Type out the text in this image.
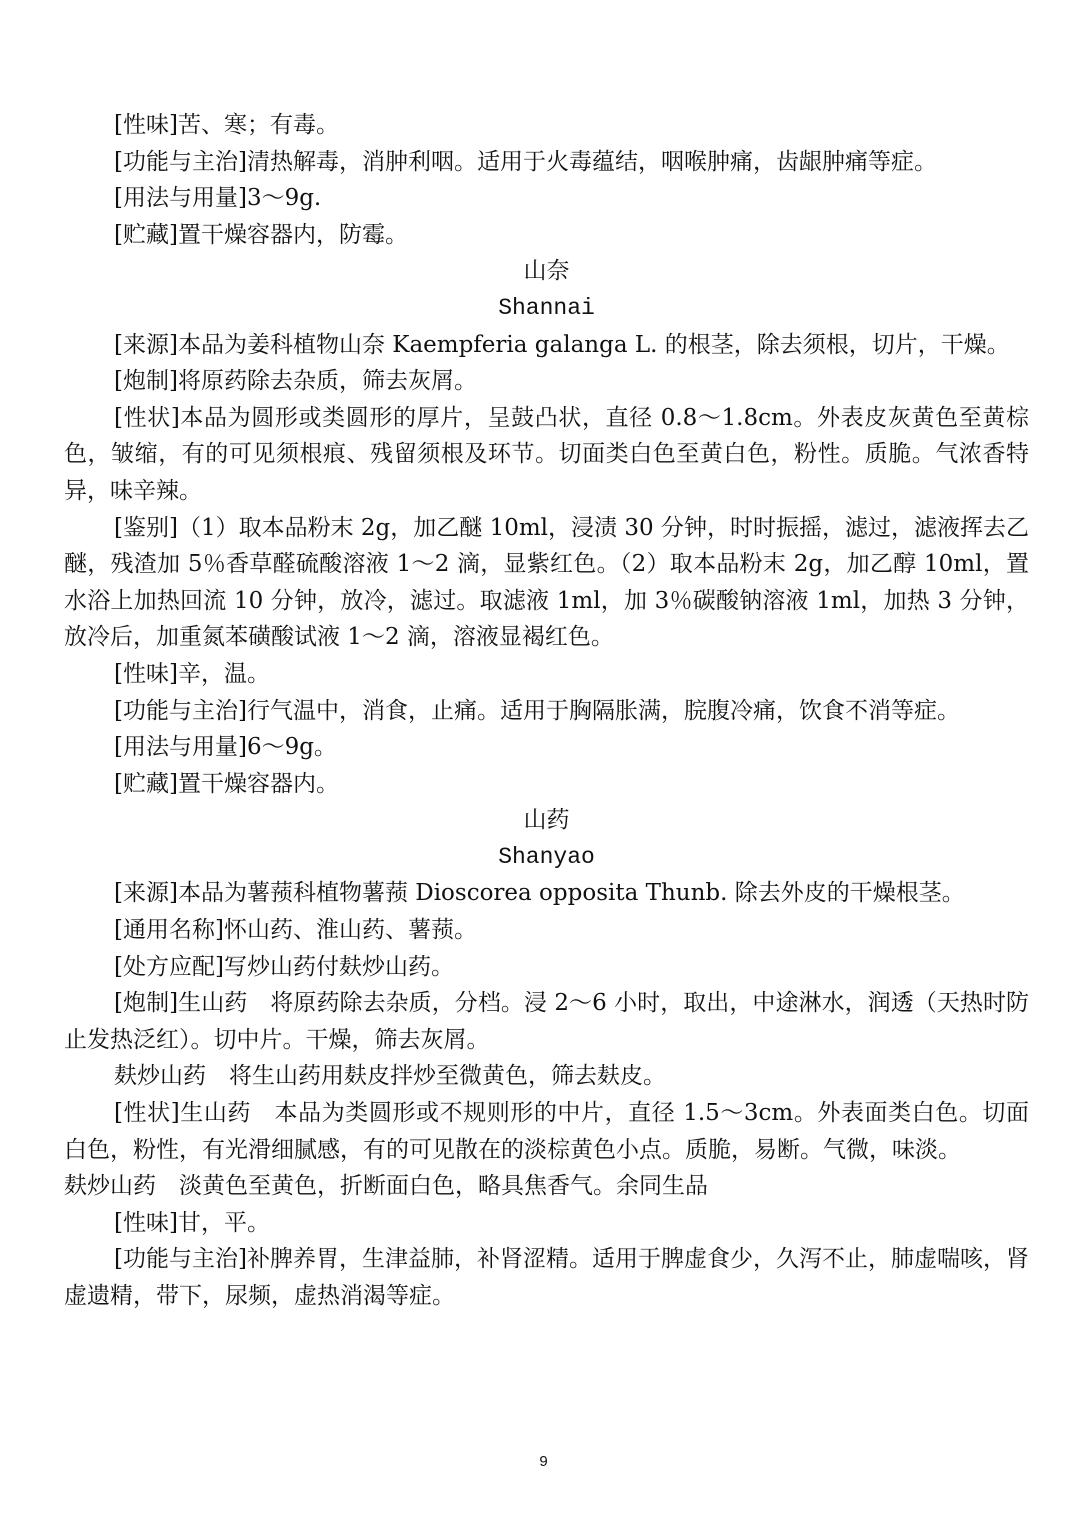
[性味]苦、寒；有毒。

[功能与主治]清热解毒，消肿利咽。适用于火毒蕴结，咽喉肿痛，齿龈肿痛等症。

[用法与用量]3～9g.

[贮藏]置干燥容器内，防霉。

山奈

Shannai

[来源]本品为姜科植物山奈 Kaempferia galanga L. 的根茎，除去须根，切片，干燥。

[炮制]将原药除去杂质，筛去灰屑。

[性状]本品为圆形或类圆形的厚片，呈鼓凸状，直径 0.8～1.8cm。外表皮灰黄色至黄棕色，皱缩，有的可见须根痕、残留须根及环节。切面类白色至黄白色，粉性。质脆。气浓香特异，味辛辣。

[鉴别]（1）取本品粉末 2g，加乙醚 10ml，浸渍 30 分钟，时时振摇，滤过，滤液挥去乙醚，残渣加 5％香草醛硫酸溶液 1～2 滴，显紫红色。（2）取本品粉末 2g，加乙醇 10ml，置水浴上加热回流 10 分钟，放冷，滤过。取滤液 1ml，加 3％碳酸钠溶液 1ml，加热 3 分钟，放冷后，加重氮苯磺酸试液 1～2 滴，溶液显褐红色。

[性味]辛，温。

[功能与主治]行气温中，消食，止痛。适用于胸隔胀满，脘腹冷痛，饮食不消等症。

[用法与用量]6～9g。

[贮藏]置干燥容器内。

山药

Shanyao

[来源]本品为薯蓣科植物薯蓣 Dioscorea opposita Thunb. 除去外皮的干燥根茎。

[通用名称]怀山药、淮山药、薯蓣。

[处方应配]写炒山药付麸炒山药。

[炮制]生山药　将原药除去杂质，分档。浸 2～6 小时，取出，中途淋水，润透（天热时防止发热泛红）。切中片。干燥，筛去灰屑。

麸炒山药　将生山药用麸皮拌炒至微黄色，筛去麸皮。

[性状]生山药　本品为类圆形或不规则形的中片，直径 1.5～3cm。外表面类白色。切面白色，粉性，有光滑细腻感，有的可见散在的淡棕黄色小点。质脆，易断。气微，味淡。

麸炒山药　淡黄色至黄色，折断面白色，略具焦香气。余同生品

[性味]甘，平。

[功能与主治]补脾养胃，生津益肺，补肾涩精。适用于脾虚食少，久泻不止，肺虚喘咳，肾虚遗精，带下，尿频，虚热消渴等症。

9
